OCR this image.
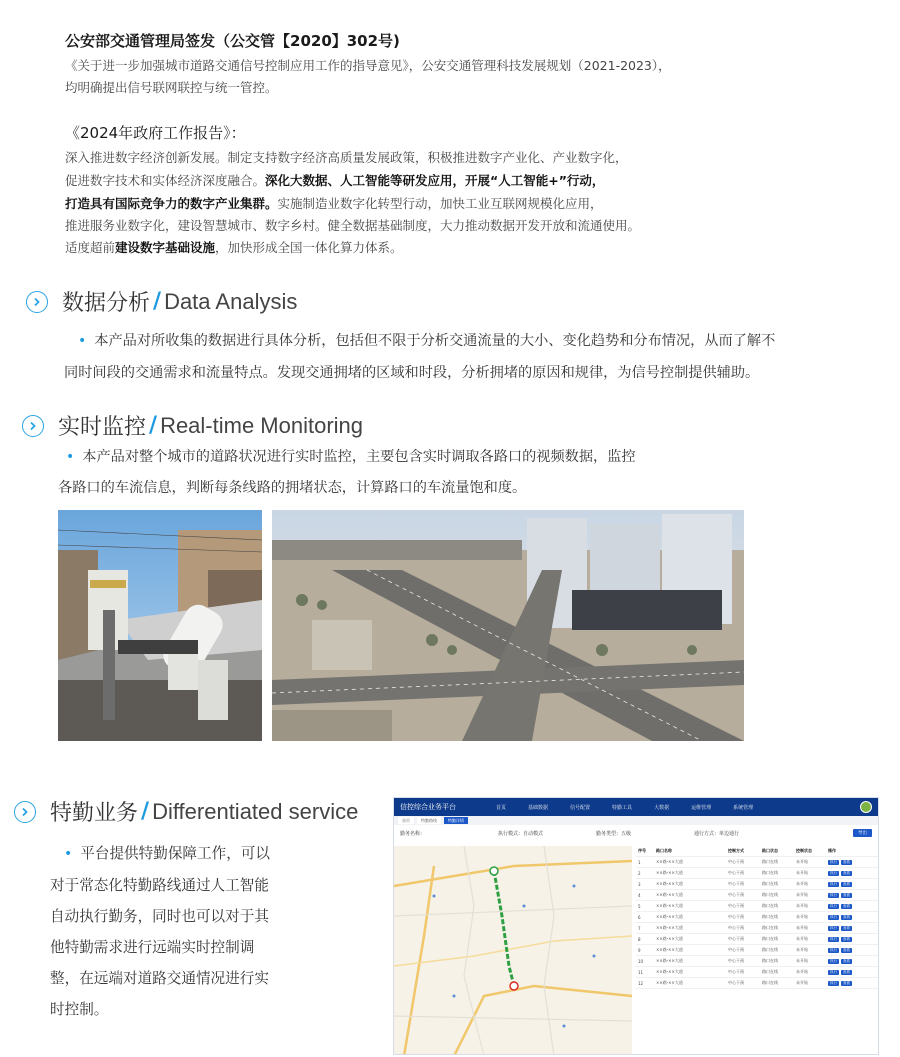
公安部交通管理局签发（公交管【2020】302号)
《关于进一步加强城市道路交通信号控制应用工作的指导意见》，公安交通管理科技发展规划（2021-2023），
均明确提出信号联网联控与统一管控。
《2024年政府工作报告》：
深入推进数字经济创新发展。制定支持数字经济高质量发展政策，积极推进数字产业化、产业数字化，
促进数字技术和实体经济深度融合。深化大数据、人工智能等研发应用，开展“人工智能+”行动，
打造具有国际竞争力的数字产业集群。实施制造业数字化转型行动，加快工业互联网规模化应用，
推进服务业数字化，建设智慧城市、数字乡村。健全数据基础制度，大力推动数据开发开放和流通使用。
适度超前建设数字基础设施，加快形成全国一体化算力体系。
数据分析 / Data Analysis
• 本产品对所收集的数据进行具体分析，包括但不限于分析交通流量的大小、变化趋势和分布情况，从而了解不
同时间段的交通需求和流量特点。发现交通拥堵的区域和时段，分析拥堵的原因和规律，为信号控制提供辅助。
实时监控 / Real-time Monitoring
• 本产品对整个城市的道路状况进行实时监控，主要包含实时调取各路口的视频数据，监控
各路口的车流信息，判断每条线路的拥堵状态，计算路口的车流量饱和度。
特勤业务 / Differentiated service
• 平台提供特勤保障工作，可以
对于常态化特勤路线通过人工智能
自动执行勤务，同时也可以对于其
他特勤需求进行远端实时控制调
整，在远端对道路交通情况进行实
时控制。
信控综合业务平台	首页	基础数据	信号配置	特勤工具	大数据	运维管理	系统管理
首页	特勤路线	特勤详情
勤务名称：	执行模式：自动模式	勤务类型：五级	通行方式：单边通行	导出
序号	路口名称	控制方式	路口状态	控制状态	操作
1	××路-××大道	中心干预	路口在线	未开始	执行	查看
2	××路-××大道	中心干预	路口在线	未开始	执行	查看
3	××路-××大道	中心干预	路口在线	未开始	执行	查看
4	××路-××大道	中心干预	路口在线	未开始	执行	查看
5	××路-××大道	中心干预	路口在线	未开始	执行	查看
6	××路-××大道	中心干预	路口在线	未开始	执行	查看
7	××路-××大道	中心干预	路口在线	未开始	执行	查看
8	××路-××大道	中心干预	路口在线	未开始	执行	查看
9	××路-××大道	中心干预	路口在线	未开始	执行	查看
10	××路-××大道	中心干预	路口在线	未开始	执行	查看
11	××路-××大道	中心干预	路口在线	未开始	执行	查看
12	××路-××大道	中心干预	路口在线	未开始	执行	查看
